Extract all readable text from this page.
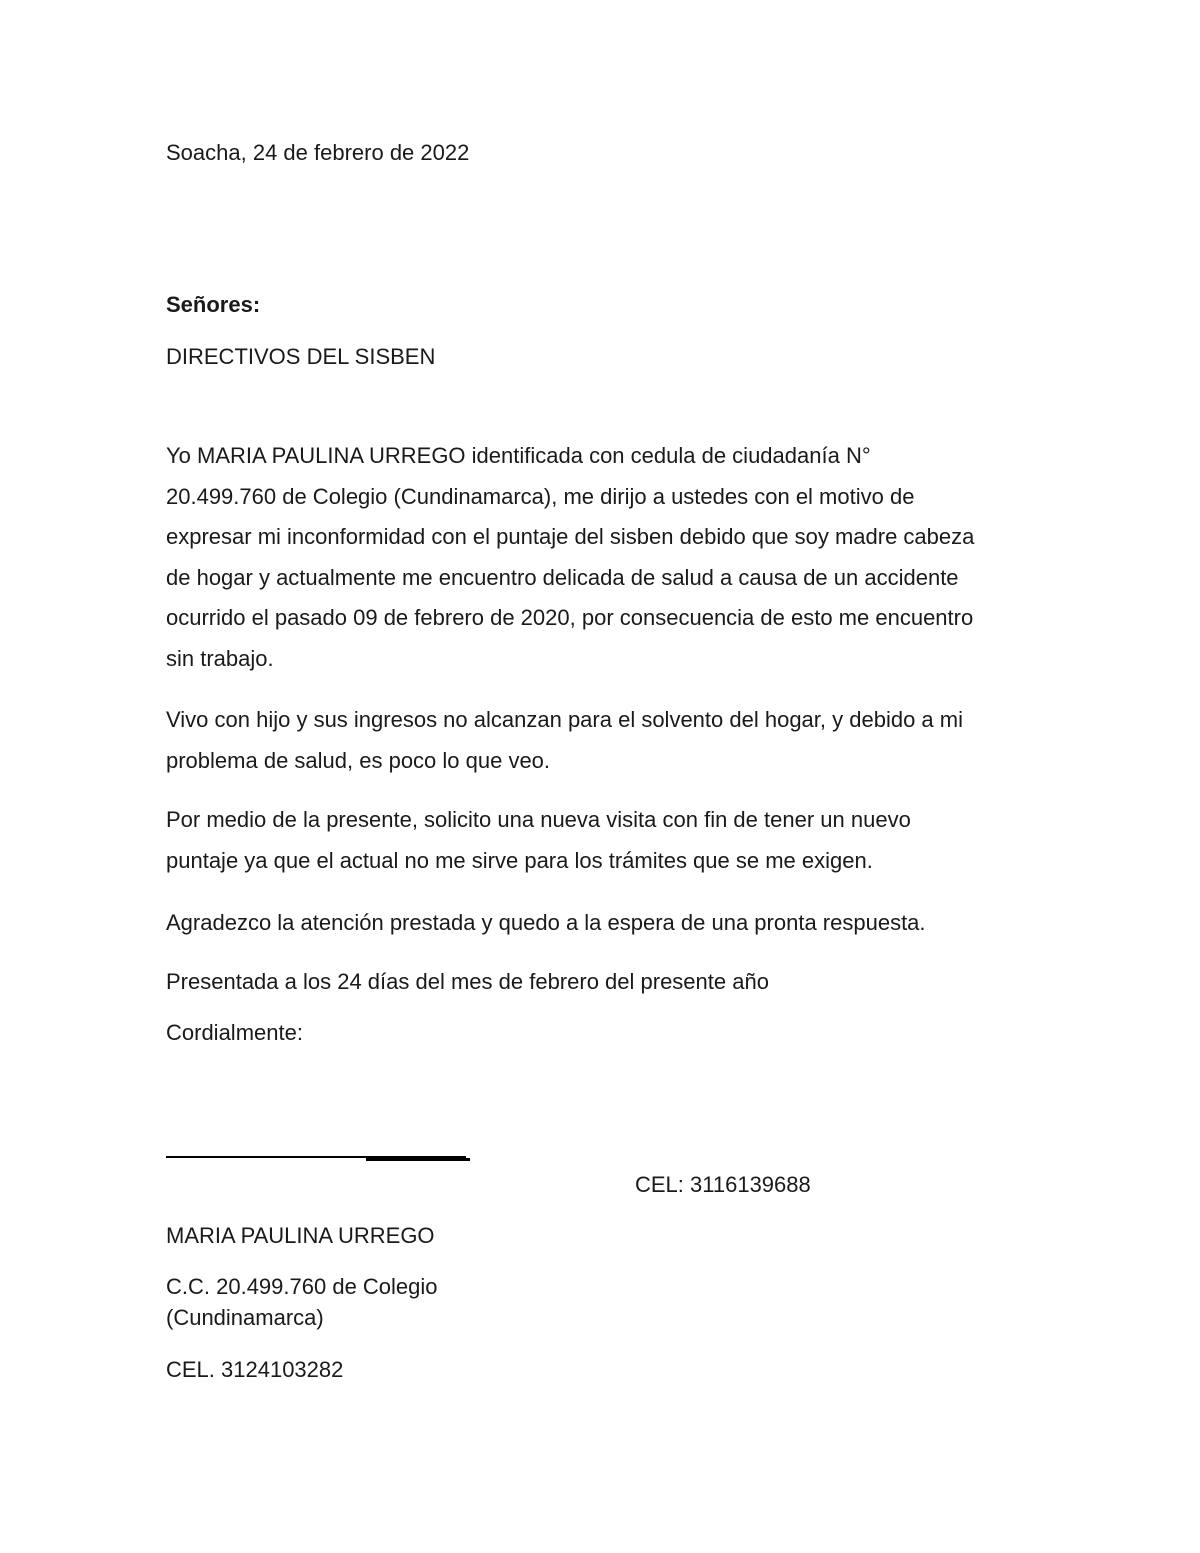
Soacha, 24 de febrero de 2022
Señores:
DIRECTIVOS DEL SISBEN
Yo MARIA PAULINA URREGO identificada con cedula de ciudadanía N°
20.499.760 de Colegio (Cundinamarca), me dirijo a ustedes con el motivo de
expresar mi inconformidad con el puntaje del sisben debido que soy madre cabeza
de hogar y actualmente me encuentro delicada de salud a causa de un accidente
ocurrido el pasado 09 de febrero de 2020, por consecuencia de esto me encuentro
sin trabajo.
Vivo con hijo y sus ingresos no alcanzan para el solvento del hogar, y debido a mi
problema de salud, es poco lo que veo.
Por medio de la presente, solicito una nueva visita con fin de tener un nuevo
puntaje ya que el actual no me sirve para los trámites que se me exigen.
Agradezco la atención prestada y quedo a la espera de una pronta respuesta.
Presentada a los 24 días del mes de febrero del presente año
Cordialmente:
CEL: 3116139688
MARIA PAULINA URREGO
C.C. 20.499.760 de Colegio
(Cundinamarca)
CEL. 3124103282
